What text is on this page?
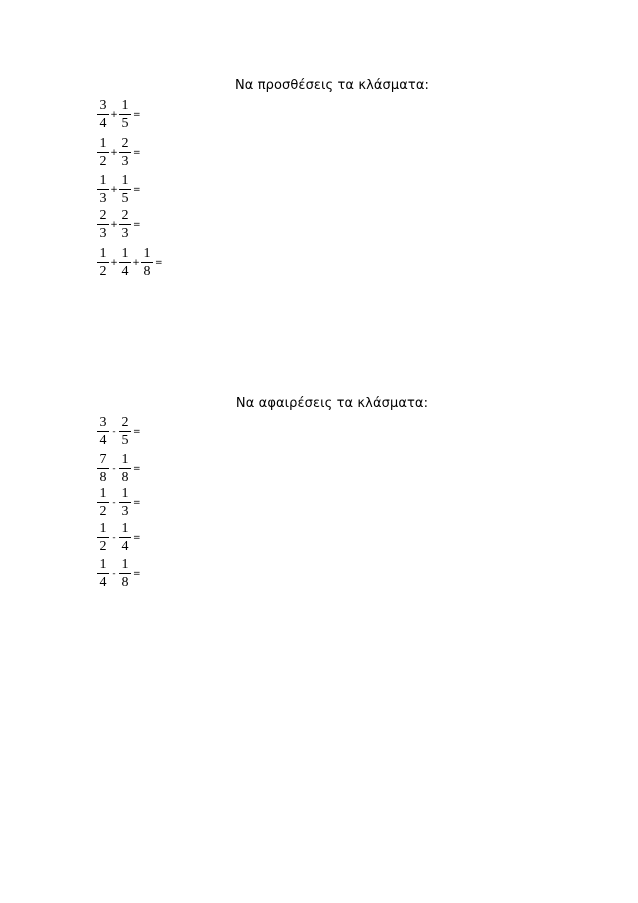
Να προσθέσεις τα κλάσματα:
$\frac{3}{4} + \frac{1}{5}$ =
$\frac{1}{2} + \frac{2}{3}$ =
$\frac{1}{3} + \frac{1}{5}$ =
$\frac{2}{3} + \frac{2}{3}$ =
$\frac{1}{2} + \frac{1}{4} + \frac{1}{8}$ =
Να αφαιρέσεις τα κλάσματα:
$\frac{3}{4} - \frac{2}{5}$ =
$\frac{7}{8} - \frac{1}{8}$ =
$\frac{1}{2} - \frac{1}{3}$ =
$\frac{1}{2} - \frac{1}{4}$ =
$\frac{1}{4} - \frac{1}{8}$ =
